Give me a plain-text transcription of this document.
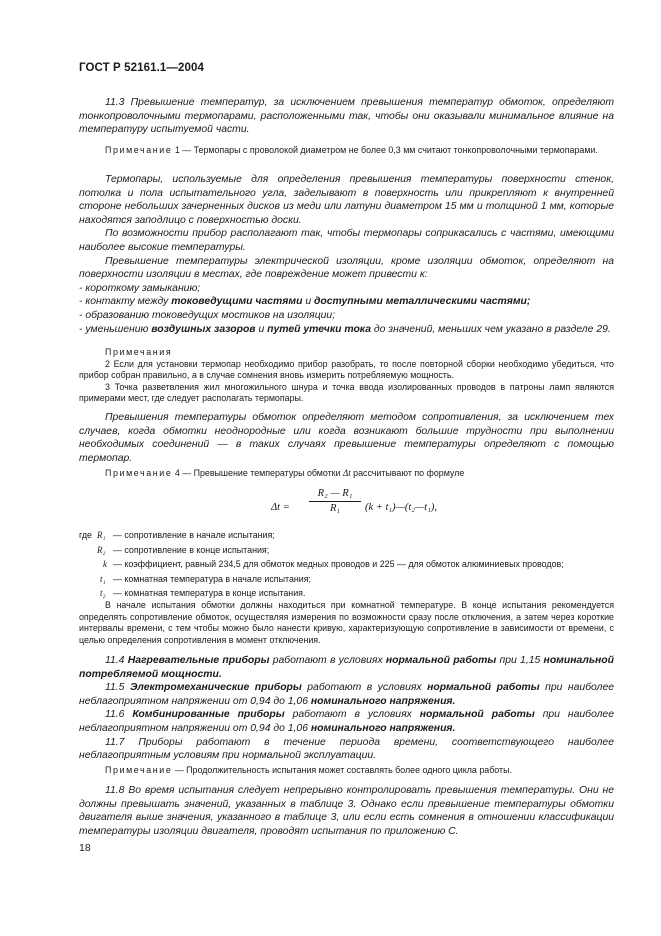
ГОСТ Р 52161.1—2004

11.3 Превышение температур, за исключением превышения температур обмоток, определяют тонкопроволочными термопарами, расположенными так, чтобы они оказывали минимальное влияние на температуру испытуемой части.

Примечание 1 — Термопары с проволокой диаметром не более 0,3 мм считают тонкопроволочными термопарами.

Термопары, используемые для определения превышения температуры поверхности стенок, потолка и пола испытательного угла, заделывают в поверхность или прикрепляют к внутренней стороне небольших зачерненных дисков из меди или латуни диаметром 15 мм и толщиной 1 мм, которые находятся заподлицо с поверхностью доски.

По возможности прибор располагают так, чтобы термопары соприкасались с частями, имеющими наиболее высокие температуры.

Превышение температуры электрической изоляции, кроме изоляции обмоток, определяют на поверхности изоляции в местах, где повреждение может привести к:

- короткому замыканию;

- контакту между токоведущими частями и доступными металлическими частями;

- образованию токоведущих мостиков на изоляции;

- уменьшению воздушных зазоров и путей утечки тока до значений, меньших чем указано в разделе 29.

Примечания

2 Если для установки термопар необходимо прибор разобрать, то после повторной сборки необходимо убедиться, что прибор собран правильно, а в случае сомнения вновь измерить потребляемую мощность.

3 Точка разветвления жил многожильного шнура и точка ввода изолированных проводов в патроны ламп являются примерами мест, где следует располагать термопары.

Превышения температуры обмоток определяют методом сопротивления, за исключением тех случаев, когда обмотки неоднородные или когда возникают большие трудности при выполнении необходимых соединений — в таких случаях превышение температуры определяют с помощью термопар.

Примечание 4 — Превышение температуры обмотки Δt рассчитывают по формуле

Δt =
R₂ — R₁
R₁	(k + t₁)—(t₂—t₁),
где R₁ — сопротивление в начале испытания;
R₂ — сопротивление в конце испытания;
k — коэффициент, равный 234,5 для обмоток медных проводов и 225 — для обмоток алюминиевых проводов;
t₁ — комнатная температура в начале испытания;
t₂ — комнатная температура в конце испытания.

В начале испытания обмотки должны находиться при комнатной температуре. В конце испытания рекомендуется определять сопротивление обмоток, осуществляя измерения по возможности сразу после отключения, а затем через короткие интервалы времени, с тем чтобы можно было нанести кривую, характеризующую сопротивление в зависимости от времени, с целью определения сопротивления в момент отключения.

11.4 Нагревательные приборы работают в условиях нормальной работы при 1,15 номинальной потребляемой мощности.

11.5 Электромеханические приборы работают в условиях нормальной работы при наиболее неблагоприятном напряжении от 0,94 до 1,06 номинального напряжения.

11.6 Комбинированные приборы работают в условиях нормальной работы при наиболее неблагоприятном напряжении от 0,94 до 1,06 номинального напряжения.

11.7 Приборы работают в течение периода времени, соответствующего наиболее неблагоприятным условиям при нормальной эксплуатации.

Примечание — Продолжительность испытания может составлять более одного цикла работы.

11.8 Во время испытания следует непрерывно контролировать превышения температуры. Они не должны превышать значений, указанных в таблице 3. Однако если превышение температуры обмотки двигателя выше значения, указанного в таблице 3, или если есть сомнения в отношении классификации температуры изоляции двигателя, проводят испытания по приложению С.

18
